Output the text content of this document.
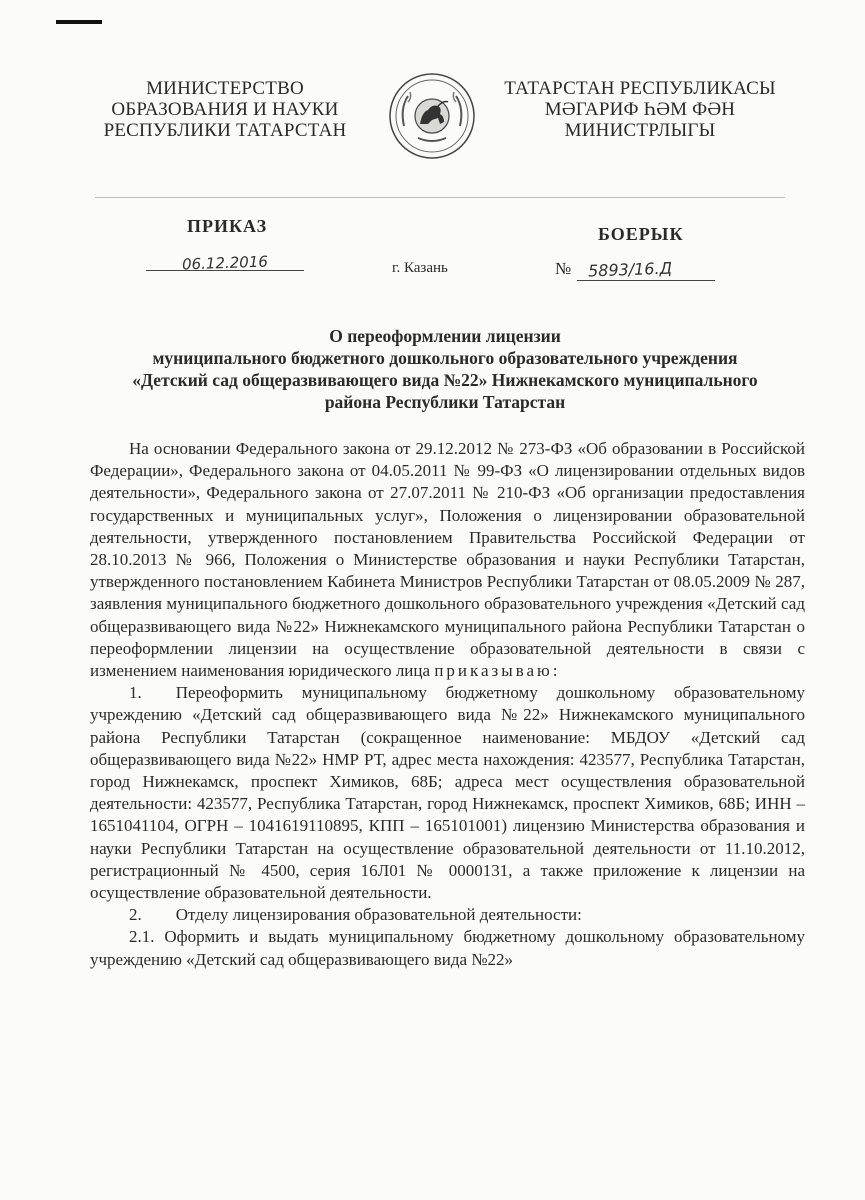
МИНИСТЕРСТВО
ОБРАЗОВАНИЯ И НАУКИ
РЕСПУБЛИКИ ТАТАРСТАН
ТАТАРСТАН РЕСПУБЛИКАСЫ
МӘГАРИФ ҺӘМ ФӘН
МИНИСТРЛЫГЫ
ПРИКАЗ	БОЕРЫК
06.12.2016	г. Казань	№ 5893/16.Д
О переоформлении лицензии
муниципального бюджетного дошкольного образовательного учреждения
«Детский сад общеразвивающего вида №22» Нижнекамского муниципального
района Республики Татарстан

На основании Федерального закона от 29.12.2012 № 273-ФЗ «Об образовании в Российской Федерации», Федерального закона от 04.05.2011 № 99-ФЗ «О лицензировании отдельных видов деятельности», Федерального закона от 27.07.2011 № 210-ФЗ «Об организации предоставления государственных и муниципальных услуг», Положения о лицензировании образовательной деятельности, утвержденного постановлением Правительства Российской Федерации от 28.10.2013 № 966, Положения о Министерстве образования и науки Республики Татарстан, утвержденного постановлением Кабинета Министров Республики Татарстан от 08.05.2009 № 287, заявления муниципального бюджетного дошкольного образовательного учреждения «Детский сад общеразвивающего вида №22» Нижнекамского муниципального района Республики Татарстан о переоформлении лицензии на осуществление образовательной деятельности в связи с изменением наименования юридического лица приказываю:

1.  Переоформить муниципальному бюджетному дошкольному образовательному учреждению «Детский сад общеразвивающего вида №22» Нижнекамского муниципального района Республики Татарстан (сокращенное наименование: МБДОУ «Детский сад общеразвивающего вида №22» НМР РТ, адрес места нахождения: 423577, Республика Татарстан, город Нижнекамск, проспект Химиков, 68Б; адреса мест осуществления образовательной деятельности: 423577, Республика Татарстан, город Нижнекамск, проспект Химиков, 68Б; ИНН – 1651041104, ОГРН – 1041619110895, КПП – 165101001) лицензию Министерства образования и науки Республики Татарстан на осуществление образовательной деятельности от 11.10.2012, регистрационный № 4500, серия 16Л01 № 0000131, а также приложение к лицензии на осуществление образовательной деятельности.

2.  Отделу лицензирования образовательной деятельности:

2.1. Оформить и выдать муниципальному бюджетному дошкольному образовательному учреждению «Детский сад общеразвивающего вида №22»
